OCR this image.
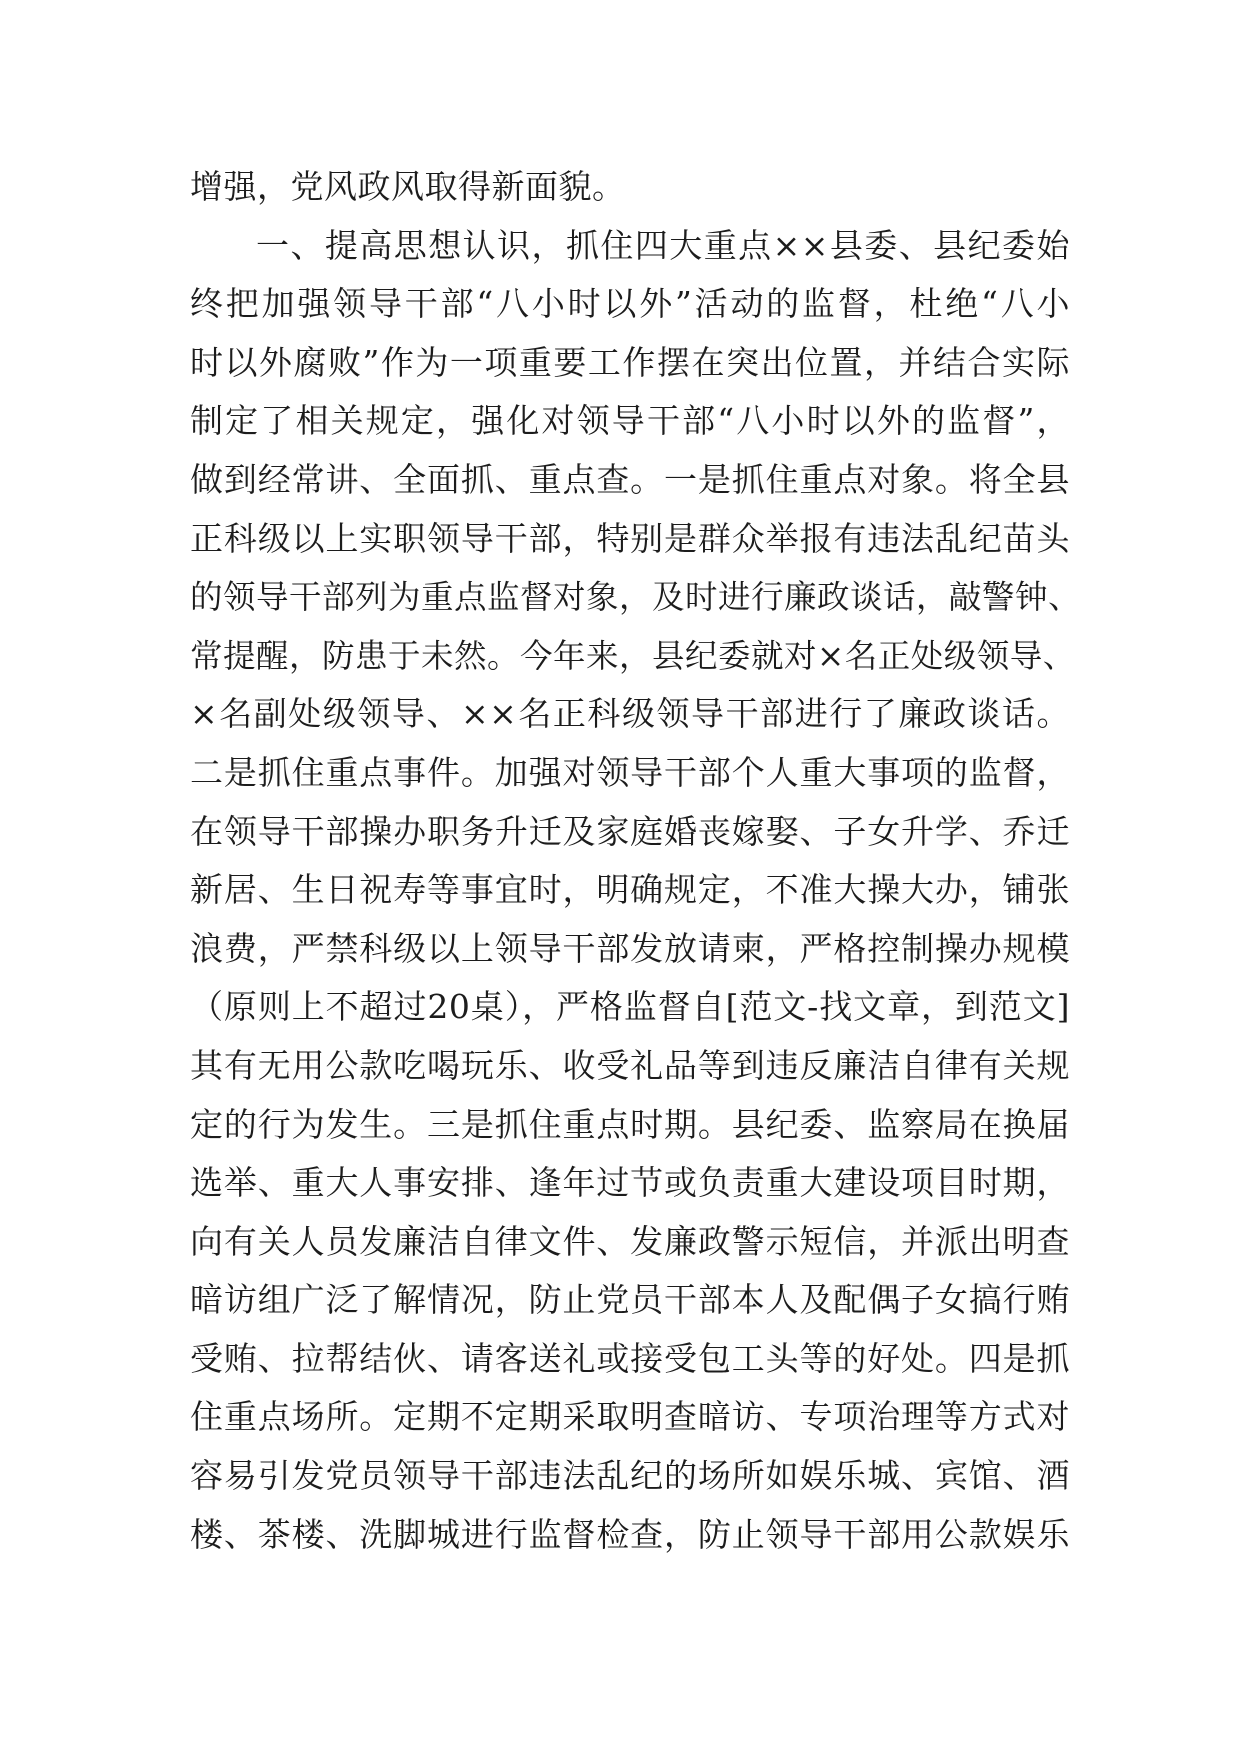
增强，党风政风取得新面貌。
一、提高思想认识，抓住四大重点××县委、县纪委始
终把加强领导干部“八小时以外”活动的监督，杜绝“八小
时以外腐败”作为一项重要工作摆在突出位置，并结合实际
制定了相关规定，强化对领导干部“八小时以外的监督”，
做到经常讲、全面抓、重点查。一是抓住重点对象。将全县
正科级以上实职领导干部，特别是群众举报有违法乱纪苗头
的领导干部列为重点监督对象，及时进行廉政谈话，敲警钟、
常提醒，防患于未然。今年来，县纪委就对×名正处级领导、
×名副处级领导、××名正科级领导干部进行了廉政谈话。
二是抓住重点事件。加强对领导干部个人重大事项的监督，
在领导干部操办职务升迁及家庭婚丧嫁娶、子女升学、乔迁
新居、生日祝寿等事宜时，明确规定，不准大操大办，铺张
浪费，严禁科级以上领导干部发放请柬，严格控制操办规模
（原则上不超过20桌），严格监督自[范文-找文章，到范文]
其有无用公款吃喝玩乐、收受礼品等到违反廉洁自律有关规
定的行为发生。三是抓住重点时期。县纪委、监察局在换届
选举、重大人事安排、逢年过节或负责重大建设项目时期，
向有关人员发廉洁自律文件、发廉政警示短信，并派出明查
暗访组广泛了解情况，防止党员干部本人及配偶子女搞行贿
受贿、拉帮结伙、请客送礼或接受包工头等的好处。四是抓
住重点场所。定期不定期采取明查暗访、专项治理等方式对
容易引发党员领导干部违法乱纪的场所如娱乐城、宾馆、酒
楼、茶楼、洗脚城进行监督检查，防止领导干部用公款娱乐
